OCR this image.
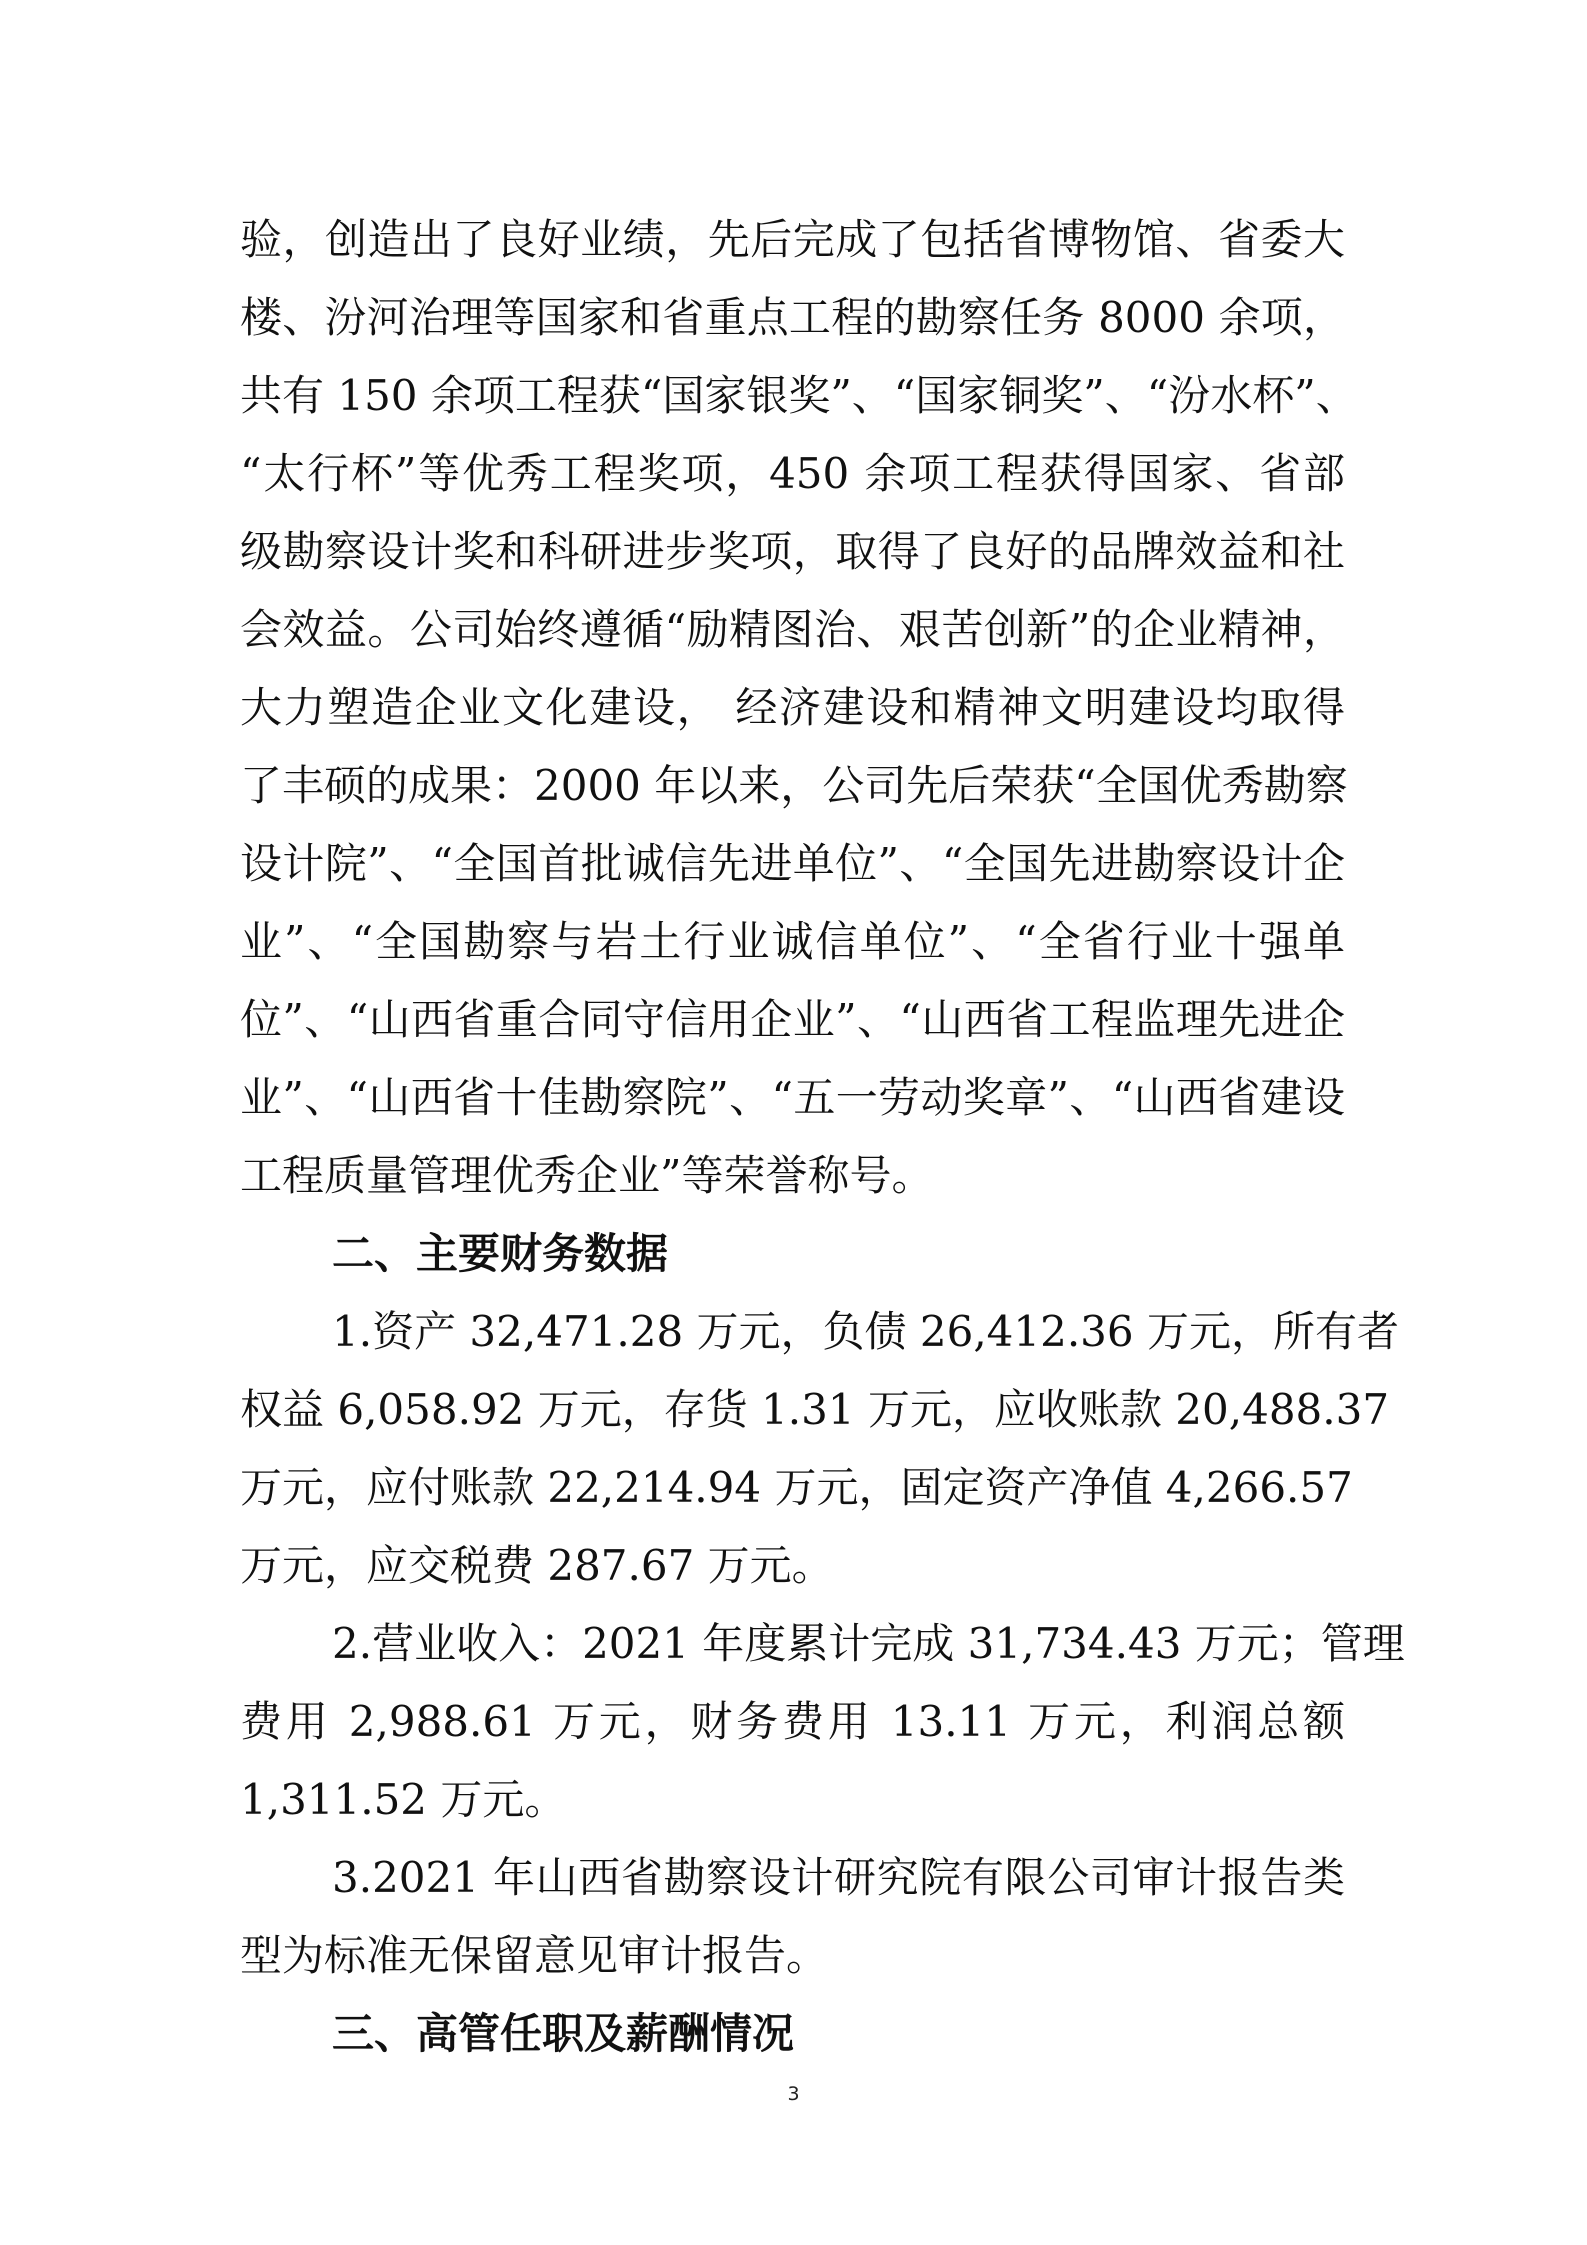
验，创造出了良好业绩，先后完成了包括省博物馆、省委大
楼、汾河治理等国家和省重点工程的勘察任务 8000 余项，
共有 150 余项工程获“国家银奖”、“国家铜奖”、“汾水杯”、
“太行杯”等优秀工程奖项，450 余项工程获得国家、省部
级勘察设计奖和科研进步奖项，取得了良好的品牌效益和社
会效益。公司始终遵循“励精图治、艰苦创新”的企业精神，
大力塑造企业文化建设， 经济建设和精神文明建设均取得
了丰硕的成果：2000 年以来，公司先后荣获“全国优秀勘察
设计院”、“全国首批诚信先进单位”、“全国先进勘察设计企
业”、“全国勘察与岩土行业诚信单位”、“全省行业十强单
位”、“山西省重合同守信用企业”、“山西省工程监理先进企
业”、“山西省十佳勘察院”、“五一劳动奖章”、“山西省建设
工程质量管理优秀企业”等荣誉称号。
二、主要财务数据
1.资产 32,471.28 万元，负债 26,412.36 万元，所有者
权益 6,058.92 万元，存货 1.31 万元，应收账款 20,488.37
万元，应付账款 22,214.94 万元，固定资产净值 4,266.57
万元，应交税费 287.67 万元。
2.营业收入：2021 年度累计完成 31,734.43 万元；管理
费用 2,988.61 万元，财务费用 13.11 万元，利润总额
1,311.52 万元。
3.2021 年山西省勘察设计研究院有限公司审计报告类
型为标准无保留意见审计报告。
三、高管任职及薪酬情况
3
